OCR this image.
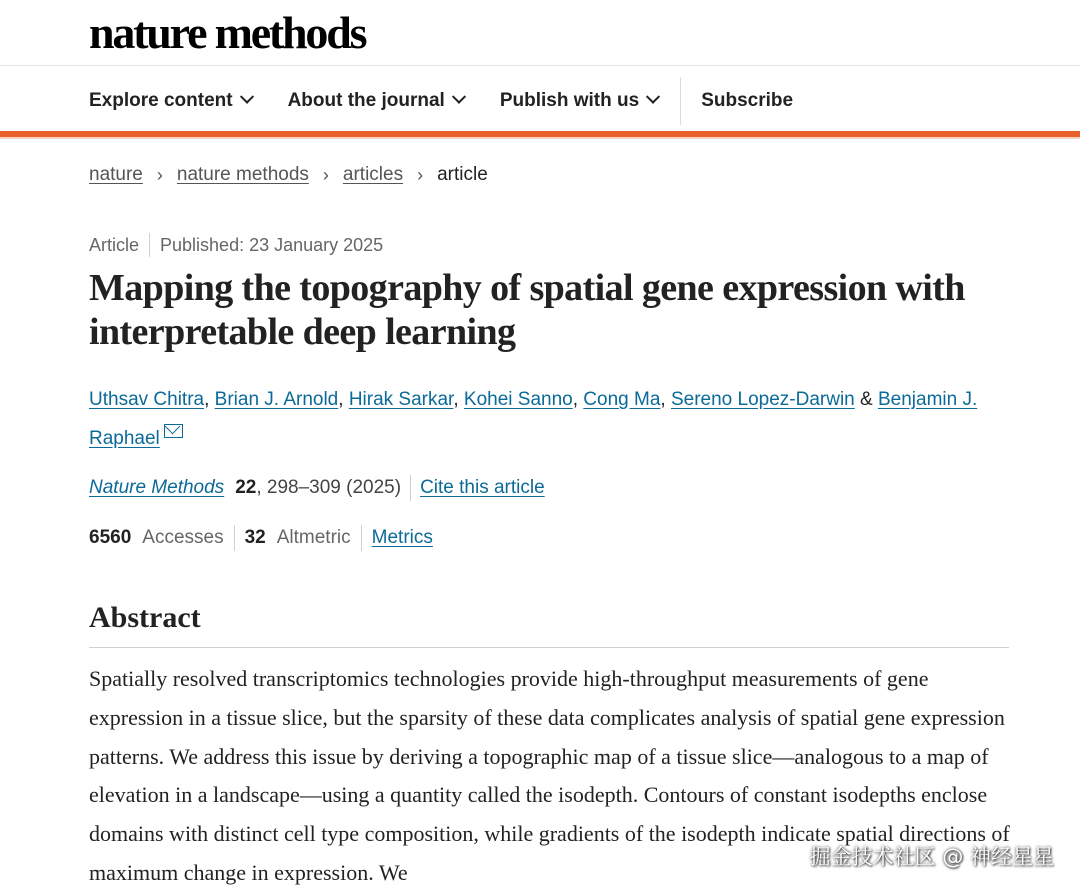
nature methods
Explore content	About the journal	Publish with us	Subscribe
nature › nature methods › articles › article
Article Published: 23 January 2025
Mapping the topography of spatial gene expression with interpretable deep learning
Uthsav Chitra, Brian J. Arnold, Hirak Sarkar, Kohei Sanno, Cong Ma, Sereno Lopez-Darwin & Benjamin J. Raphael
Nature Methods 22 , 298–309 (2025) Cite this article
6560 Accesses 32 Altmetric Metrics
Abstract

Spatially resolved transcriptomics technologies provide high-throughput measurements of gene expression in a tissue slice, but the sparsity of these data complicates analysis of spatial gene expression patterns. We address this issue by deriving a topographic map of a tissue slice—analogous to a map of elevation in a landscape—using a quantity called the isodepth. Contours of constant isodepths enclose domains with distinct cell type composition, while gradients of the isodepth indicate spatial directions of maximum change in expression. We

掘金技术社区 @ 神经星星
